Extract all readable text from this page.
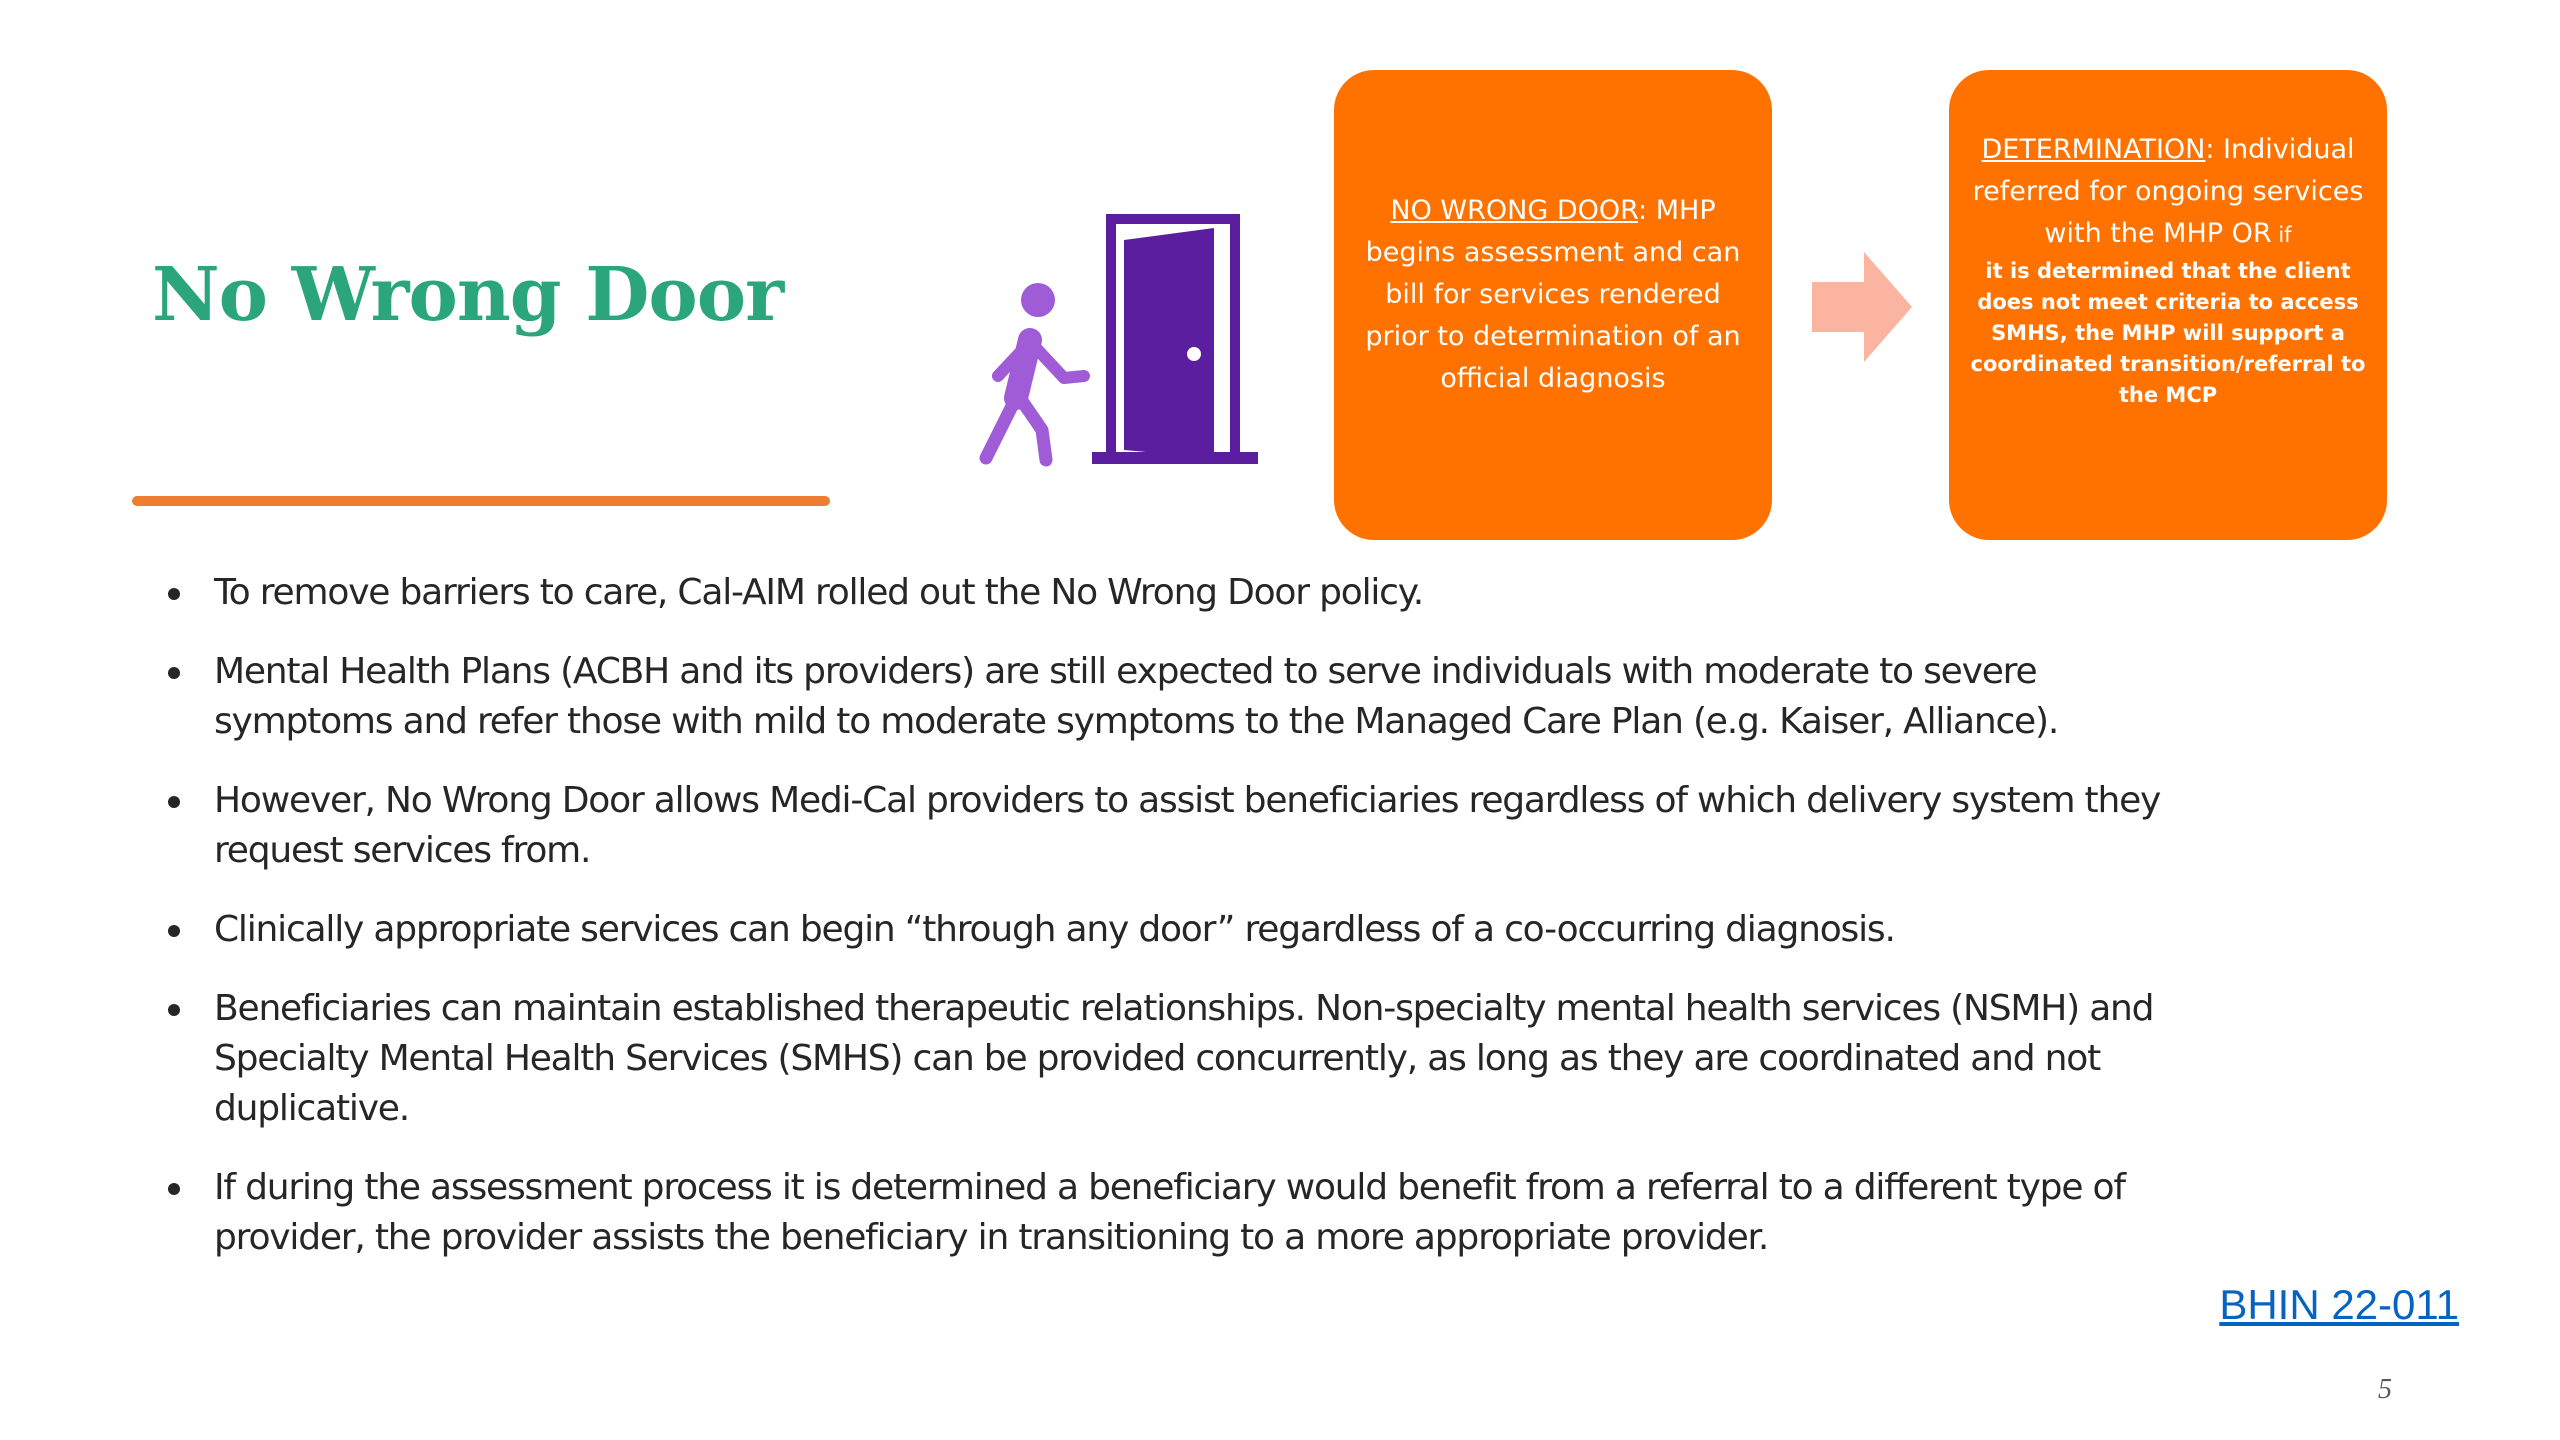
No Wrong Door

NO WRONG DOOR: MHP begins assessment and can bill for services rendered prior to determination of an official diagnosis

DETERMINATION: Individual referred for ongoing services with the MHP OR if

it is determined that the client does not meet criteria to access SMHS, the MHP will support a coordinated transition/referral to the MCP

To remove barriers to care, Cal-AIM rolled out the No Wrong Door policy.
Mental Health Plans (ACBH and its providers) are still expected to serve individuals with moderate to severe symptoms and refer those with mild to moderate symptoms to the Managed Care Plan (e.g. Kaiser, Alliance).
However, No Wrong Door allows Medi-Cal providers to assist beneficiaries regardless of which delivery system they request services from.
Clinically appropriate services can begin “through any door” regardless of a co-occurring diagnosis.
Beneficiaries can maintain established therapeutic relationships. Non-specialty mental health services (NSMH) and Specialty Mental Health Services (SMHS) can be provided concurrently, as long as they are coordinated and not duplicative.
If during the assessment process it is determined a beneficiary would benefit from a referral to a different type of provider, the provider assists the beneficiary in transitioning to a more appropriate provider.
BHIN 22-011
5
